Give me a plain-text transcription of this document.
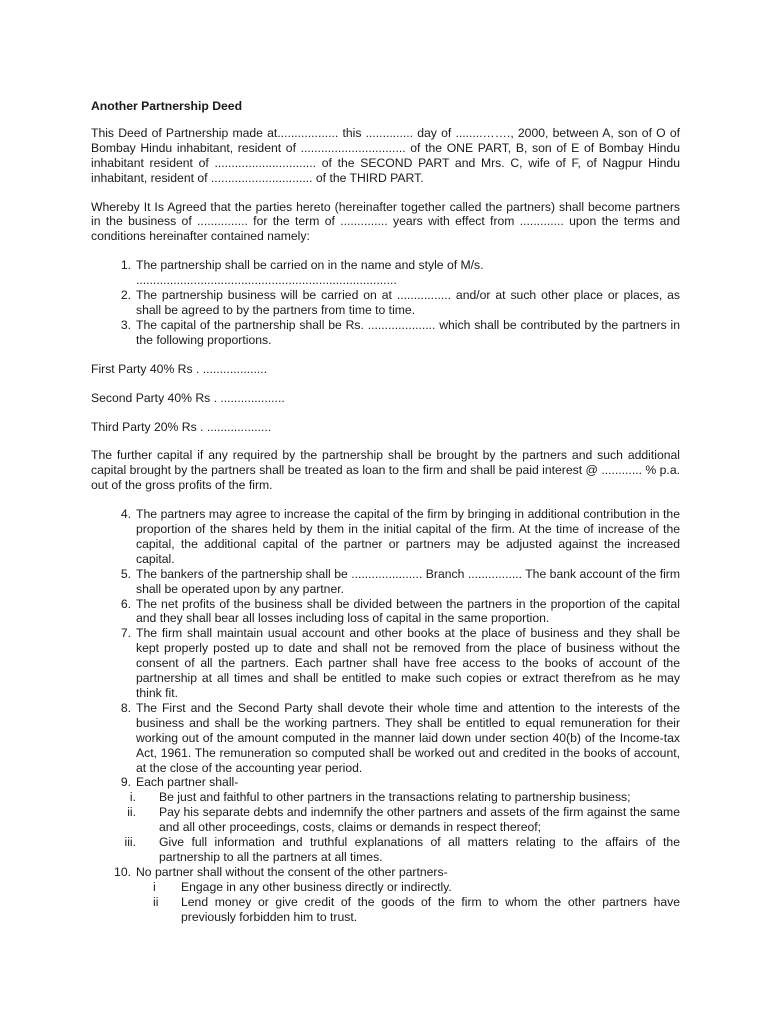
Another Partnership Deed

This Deed of Partnership made at.................. this .............. day of ........……., 2000, between A, son of O of Bombay Hindu inhabitant, resident of ............................... of the ONE PART, B, son of E of Bombay Hindu inhabitant resident of .............................. of the SECOND PART and Mrs. C, wife of F, of Nagpur Hindu inhabitant, resident of .............................. of the THIRD PART.

Whereby It Is Agreed that the parties hereto (hereinafter together called the partners) shall become partners in the business of ............... for the term of .............. years with effect from ............. upon the terms and conditions hereinafter contained namely:

1. The partnership shall be carried on in the name and style of M/s.
.............................................................................
2. The partnership business will be carried on at ................ and/or at such other place or places, as shall be agreed to by the partners from time to time.
3. The capital of the partnership shall be Rs. .................... which shall be contributed by the partners in the following proportions.

First Party 40% Rs . ...................

Second Party 40% Rs . ...................

Third Party 20% Rs . ...................

The further capital if any required by the partnership shall be brought by the partners and such additional capital brought by the partners shall be treated as loan to the firm and shall be paid interest @ ............ % p.a. out of the gross profits of the firm.

4. The partners may agree to increase the capital of the firm by bringing in additional contribution in the proportion of the shares held by them in the initial capital of the firm. At the time of increase of the capital, the additional capital of the partner or partners may be adjusted against the increased capital.
5. The bankers of the partnership shall be ..................... Branch ................ The bank account of the firm shall be operated upon by any partner.
6. The net profits of the business shall be divided between the partners in the proportion of the capital and they shall bear all losses including loss of capital in the same proportion.
7. The firm shall maintain usual account and other books at the place of business and they shall be kept properly posted up to date and shall not be removed from the place of business without the consent of all the partners. Each partner shall have free access to the books of account of the partnership at all times and shall be entitled to make such copies or extract therefrom as he may think fit.
8. The First and the Second Party shall devote their whole time and attention to the interests of the business and shall be the working partners. They shall be entitled to equal remuneration for their working out of the amount computed in the manner laid down under section 40(b) of the Income-tax Act, 1961. The remuneration so computed shall be worked out and credited in the books of account, at the close of the accounting year period.
9. Each partner shall-
i. Be just and faithful to other partners in the transactions relating to partnership business;
ii. Pay his separate debts and indemnify the other partners and assets of the firm against the same and all other proceedings, costs, claims or demands in respect thereof;
iii. Give full information and truthful explanations of all matters relating to the affairs of the partnership to all the partners at all times.
10. No partner shall without the consent of the other partners-
i	Engage in any other business directly or indirectly.
ii	Lend money or give credit of the goods of the firm to whom the other partners have previously forbidden him to trust.
